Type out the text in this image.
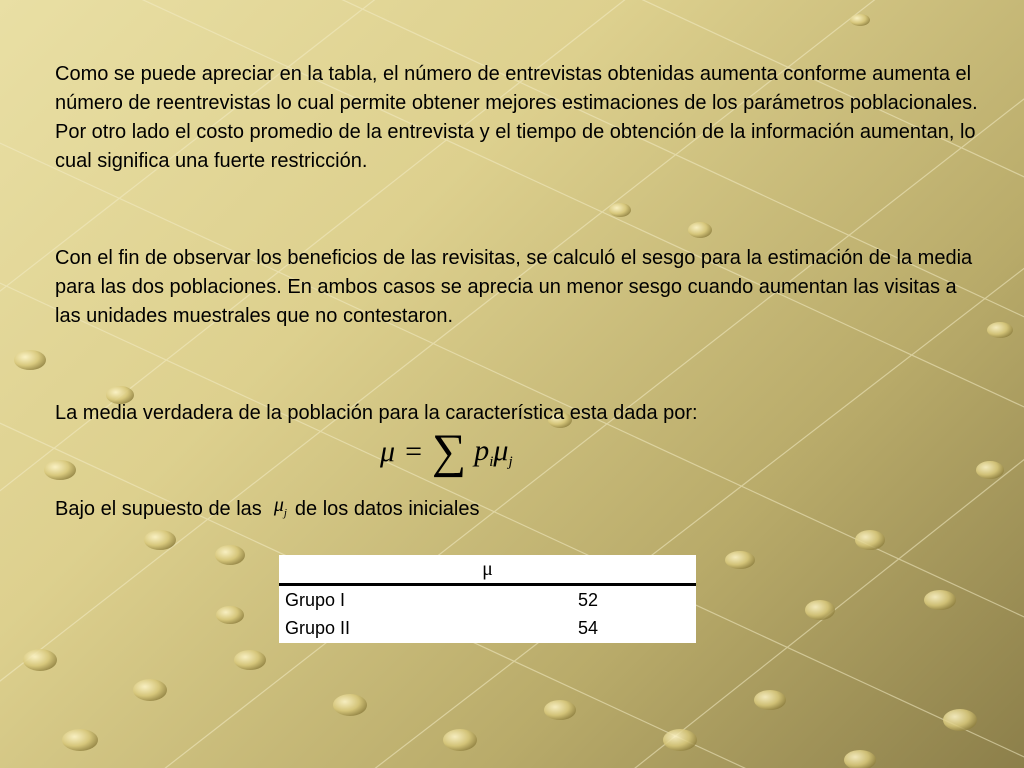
Como se puede apreciar en la tabla, el número de entrevistas obtenidas aumenta conforme aumenta el número de reentrevistas lo cual permite obtener mejores estimaciones de los parámetros poblacionales. Por otro lado el costo promedio de la entrevista y el tiempo de obtención de la información aumentan, lo cual significa una fuerte restricción.

Con el fin de observar los beneficios de las revisitas, se calculó el sesgo para la estimación de la media para las dos poblaciones. En ambos casos se aprecia un menor sesgo cuando aumentan las visitas a las unidades muestrales que no contestaron.

La media verdadera de la población para la característica esta dada por:

μ = ∑ $p_i$ $\mu_j$
Bajo el supuesto de las $\mu_j$ de los datos iniciales
μ
Grupo I	52
Grupo II	54
